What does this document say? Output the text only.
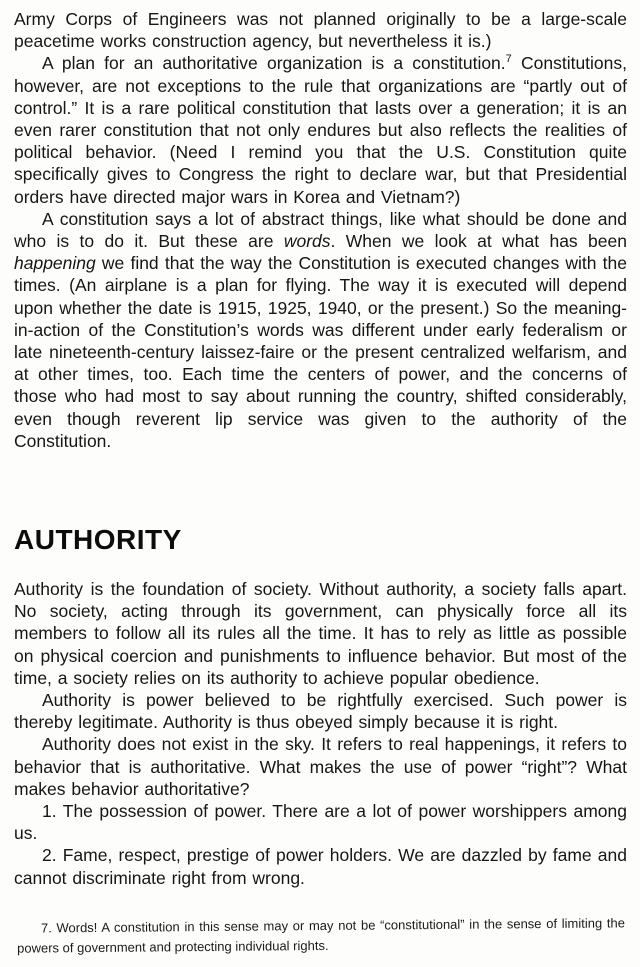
Army Corps of Engineers was not planned originally to be a large-scale peacetime works construction agency, but nevertheless it is.)

A plan for an authoritative organization is a constitution.$^7$ Constitutions, however, are not exceptions to the rule that organizations are “partly out of control.” It is a rare political constitution that lasts over a generation; it is an even rarer constitution that not only endures but also reflects the realities of political behavior. (Need I remind you that the U.S. Constitution quite specifically gives to Congress the right to declare war, but that Presidential orders have directed major wars in Korea and Vietnam?)

A constitution says a lot of abstract things, like what should be done and who is to do it. But these are words. When we look at what has been happening we find that the way the Constitution is executed changes with the times. (An airplane is a plan for flying. The way it is executed will depend upon whether the date is 1915, 1925, 1940, or the present.) So the meaning-in-action of the Constitution’s words was different under early federalism or late nineteenth-century laissez-faire or the present centralized welfarism, and at other times, too. Each time the centers of power, and the concerns of those who had most to say about running the country, shifted considerably, even though reverent lip service was given to the authority of the Constitution.

AUTHORITY

Authority is the foundation of society. Without authority, a society falls apart. No society, acting through its government, can physically force all its members to follow all its rules all the time. It has to rely as little as possible on physical coercion and punishments to influence behavior. But most of the time, a society relies on its authority to achieve popular obedience.

Authority is power believed to be rightfully exercised. Such power is thereby legitimate. Authority is thus obeyed simply because it is right.

Authority does not exist in the sky. It refers to real happenings, it refers to behavior that is authoritative. What makes the use of power “right”? What makes behavior authoritative?

1. The possession of power. There are a lot of power worshippers among us.

2. Fame, respect, prestige of power holders. We are dazzled by fame and cannot discriminate right from wrong.

7. Words! A constitution in this sense may or may not be “constitutional” in the sense of limiting the powers of government and protecting individual rights.
